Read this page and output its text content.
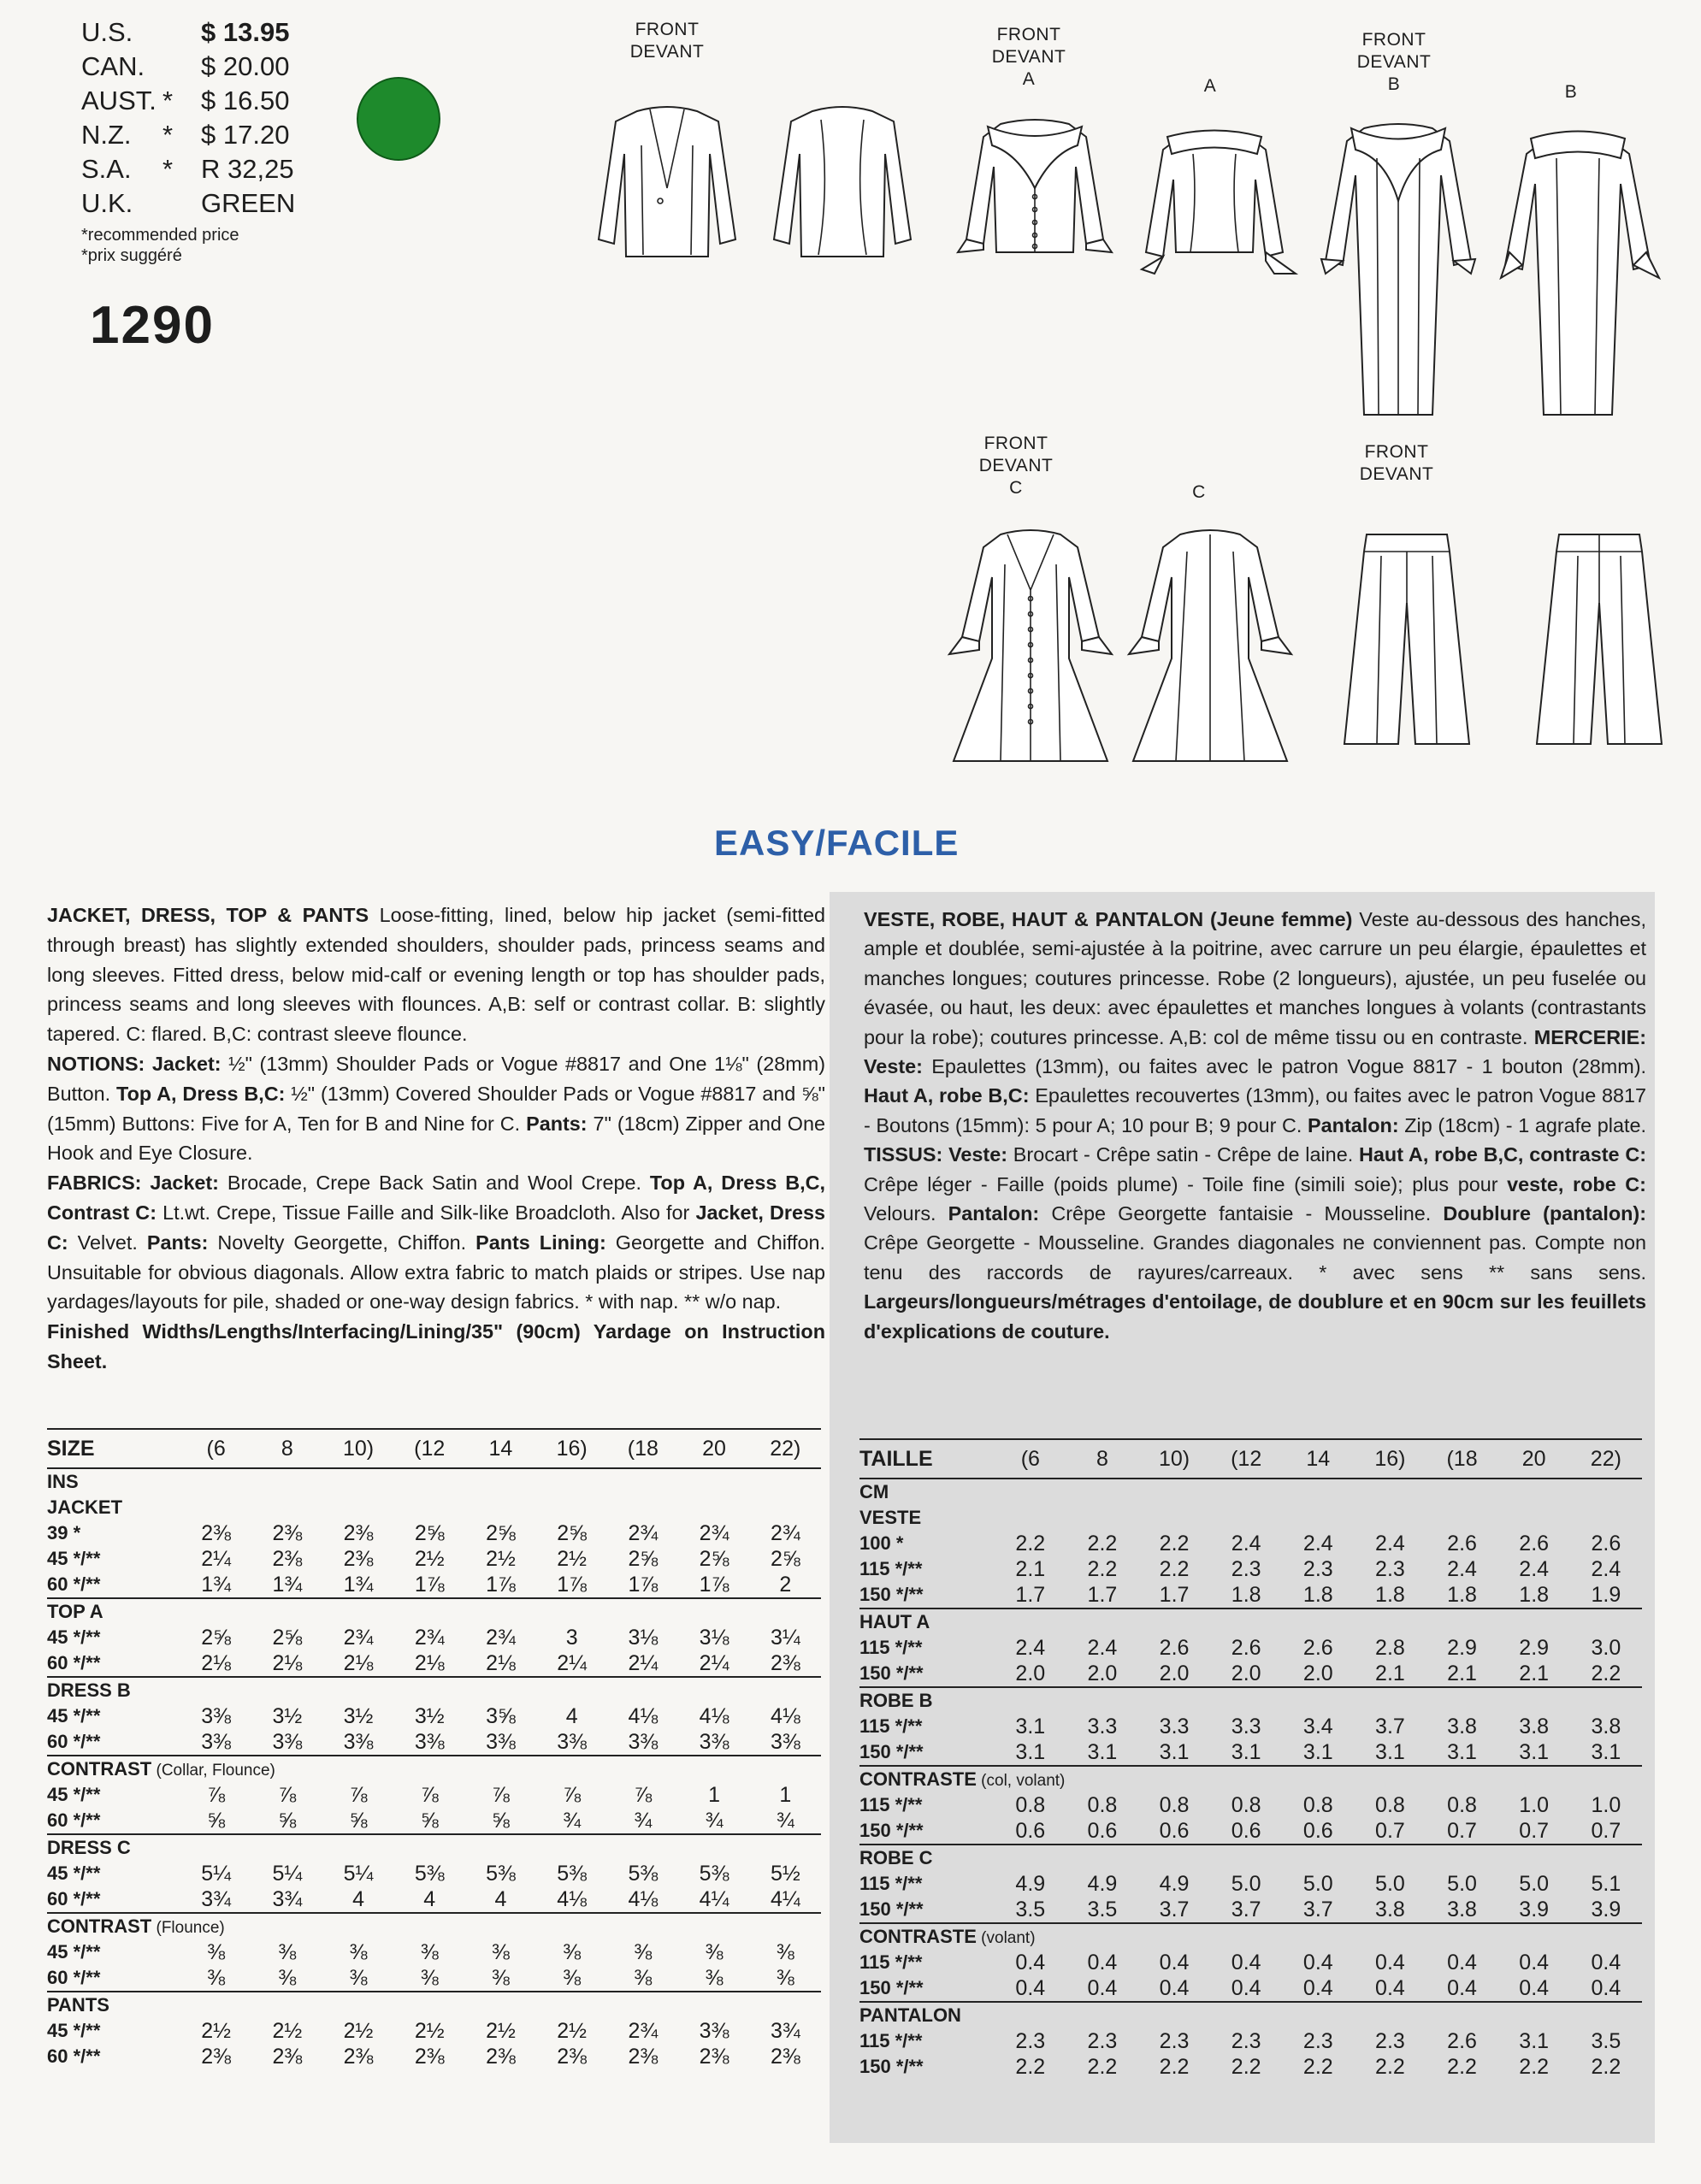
U.S.	$ 13.95
CAN. $ 20.00
AUST. * $ 16.50
N.Z. * $ 17.20
S.A. * R 32,25
U.K.	GREEN
*recommended price
*prix suggéré
1290
FRONT
DEVANT
FRONT
DEVANT
A	A
FRONT
DEVANT
B	B
FRONT
DEVANT
C	C
FRONT
DEVANT
EASY/FACILE

JACKET, DRESS, TOP & PANTS Loose-fitting, lined, below hip jacket (semi-fitted through breast) has slightly extended shoulders, shoulder pads, princess seams and long sleeves. Fitted dress, below mid-calf or evening length or top has shoulder pads, princess seams and long sleeves with flounces. A,B: self or contrast collar. B: slightly tapered. C: flared. B,C: contrast sleeve flounce.

NOTIONS: Jacket: ½" (13mm) Shoulder Pads or Vogue #8817 and One 1⅛" (28mm) Button. Top A, Dress B,C: ½" (13mm) Covered Shoulder Pads or Vogue #8817 and ⅝" (15mm) Buttons: Five for A, Ten for B and Nine for C. Pants: 7" (18cm) Zipper and One Hook and Eye Closure.

FABRICS: Jacket: Brocade, Crepe Back Satin and Wool Crepe. Top A, Dress B,C, Contrast C: Lt.wt. Crepe, Tissue Faille and Silk-like Broadcloth. Also for Jacket, Dress C: Velvet. Pants: Novelty Georgette, Chiffon. Pants Lining: Georgette and Chiffon. Unsuitable for obvious diagonals. Allow extra fabric to match plaids or stripes. Use nap yardages/layouts for pile, shaded or one-way design fabrics. * with nap. ** w/o nap.

Finished Widths/Lengths/Interfacing/Lining/35" (90cm) Yardage on Instruction Sheet.

VESTE, ROBE, HAUT & PANTALON (Jeune femme) Veste au-dessous des hanches, ample et doublée, semi-ajustée à la poitrine, avec carrure un peu élargie, épaulettes et manches longues; coutures princesse. Robe (2 longueurs), ajustée, un peu fuselée ou évasée, ou haut, les deux: avec épaulettes et manches longues à volants (contrastants pour la robe); coutures princesse. A,B: col de même tissu ou en contraste. MERCERIE: Veste: Epaulettes (13mm), ou faites avec le patron Vogue 8817 - 1 bouton (28mm). Haut A, robe B,C: Epaulettes recouvertes (13mm), ou faites avec le patron Vogue 8817 - Boutons (15mm): 5 pour A; 10 pour B; 9 pour C. Pantalon: Zip (18cm) - 1 agrafe plate. TISSUS: Veste: Brocart - Crêpe satin - Crêpe de laine. Haut A, robe B,C, contraste C: Crêpe léger - Faille (poids plume) - Toile fine (simili soie); plus pour veste, robe C: Velours. Pantalon: Crêpe Georgette fantaisie - Mousseline. Doublure (pantalon): Crêpe Georgette - Mousseline. Grandes diagonales ne conviennent pas. Compte non tenu des raccords de rayures/carreaux. * avec sens ** sans sens. Largeurs/longueurs/métrages d'entoilage, de doublure et en 90cm sur les feuillets d'explications de couture.

SIZE	(6	8	10)	(12	14	16)	(18	20	22)
INS									
JACKET									
39 *	2⅜	2⅜	2⅜	2⅝	2⅝	2⅝	2¾	2¾	2¾
45 */**	2¼	2⅜	2⅜	2½	2½	2½	2⅝	2⅝	2⅝
60 */**	1¾	1¾	1¾	1⅞	1⅞	1⅞	1⅞	1⅞	2
TOP A									
45 */**	2⅝	2⅝	2¾	2¾	2¾	3	3⅛	3⅛	3¼
60 */**	2⅛	2⅛	2⅛	2⅛	2⅛	2¼	2¼	2¼	2⅜
DRESS B									
45 */**	3⅜	3½	3½	3½	3⅝	4	4⅛	4⅛	4⅛
60 */**	3⅜	3⅜	3⅜	3⅜	3⅜	3⅜	3⅜	3⅜	3⅜
CONTRAST (Collar, Flounce)									
45 */**	⅞	⅞	⅞	⅞	⅞	⅞	⅞	1	1
60 */**	⅝	⅝	⅝	⅝	⅝	¾	¾	¾	¾
DRESS C									
45 */**	5¼	5¼	5¼	5⅜	5⅜	5⅜	5⅜	5⅜	5½
60 */**	3¾	3¾	4	4	4	4⅛	4⅛	4¼	4¼
CONTRAST (Flounce)									
45 */**	⅜	⅜	⅜	⅜	⅜	⅜	⅜	⅜	⅜
60 */**	⅜	⅜	⅜	⅜	⅜	⅜	⅜	⅜	⅜
PANTS									
45 */**	2½	2½	2½	2½	2½	2½	2¾	3⅜	3¾
60 */**	2⅜	2⅜	2⅜	2⅜	2⅜	2⅜	2⅜	2⅜	2⅜
TAILLE	(6	8	10)	(12	14	16)	(18	20	22)
CM									
VESTE									
100 *	2.2	2.2	2.2	2.4	2.4	2.4	2.6	2.6	2.6
115 */**	2.1	2.2	2.2	2.3	2.3	2.3	2.4	2.4	2.4
150 */**	1.7	1.7	1.7	1.8	1.8	1.8	1.8	1.8	1.9
HAUT A									
115 */**	2.4	2.4	2.6	2.6	2.6	2.8	2.9	2.9	3.0
150 */**	2.0	2.0	2.0	2.0	2.0	2.1	2.1	2.1	2.2
ROBE B									
115 */**	3.1	3.3	3.3	3.3	3.4	3.7	3.8	3.8	3.8
150 */**	3.1	3.1	3.1	3.1	3.1	3.1	3.1	3.1	3.1
CONTRASTE (col, volant)									
115 */**	0.8	0.8	0.8	0.8	0.8	0.8	0.8	1.0	1.0
150 */**	0.6	0.6	0.6	0.6	0.6	0.7	0.7	0.7	0.7
ROBE C									
115 */**	4.9	4.9	4.9	5.0	5.0	5.0	5.0	5.0	5.1
150 */**	3.5	3.5	3.7	3.7	3.7	3.8	3.8	3.9	3.9
CONTRASTE (volant)									
115 */**	0.4	0.4	0.4	0.4	0.4	0.4	0.4	0.4	0.4
150 */**	0.4	0.4	0.4	0.4	0.4	0.4	0.4	0.4	0.4
PANTALON									
115 */**	2.3	2.3	2.3	2.3	2.3	2.3	2.6	3.1	3.5
150 */**	2.2	2.2	2.2	2.2	2.2	2.2	2.2	2.2	2.2
